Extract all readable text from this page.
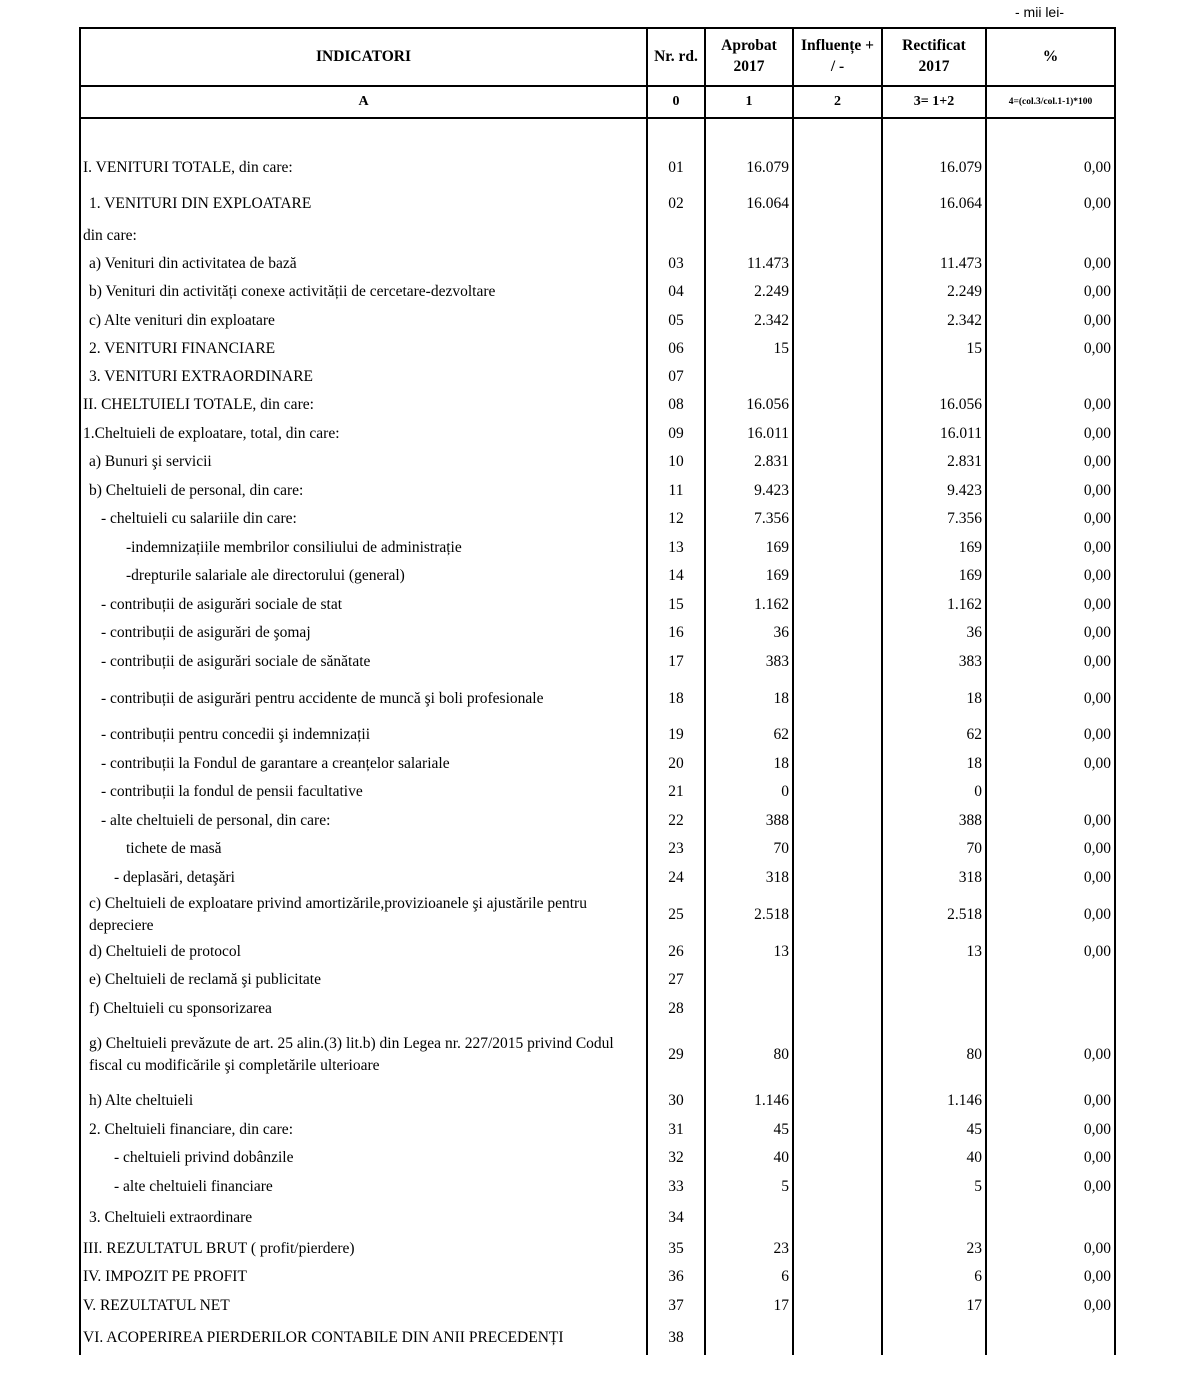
- mii lei-
INDICATORI	Nr. rd.	Aprobat 2017	Influențe + / -	Rectificat 2017	%
A	0	1	2	3= 1+2	4=(col.3/col.1-1)*100

I. VENITURI TOTALE, din care:	01	16.079		16.079	0,00
1. VENITURI DIN EXPLOATARE	02	16.064		16.064	0,00
din care:					
a) Venituri din activitatea de bază	03	11.473		11.473	0,00
b) Venituri din activități conexe activității de cercetare-dezvoltare	04	2.249		2.249	0,00
c) Alte venituri din exploatare	05	2.342		2.342	0,00
2. VENITURI FINANCIARE	06	15		15	0,00
3. VENITURI EXTRAORDINARE	07				
II. CHELTUIELI TOTALE, din care:	08	16.056		16.056	0,00
1.Cheltuieli de exploatare, total, din care:	09	16.011		16.011	0,00
a) Bunuri şi servicii	10	2.831		2.831	0,00
b) Cheltuieli de personal, din care:	11	9.423		9.423	0,00
- cheltuieli cu salariile din care:	12	7.356		7.356	0,00
-indemnizațiile membrilor consiliului de administrație	13	169		169	0,00
-drepturile salariale ale directorului (general)	14	169		169	0,00
- contribuții de asigurări sociale de stat	15	1.162		1.162	0,00
- contribuții de asigurări de şomaj	16	36		36	0,00
- contribuții de asigurări sociale de sănătate	17	383		383	0,00
- contribuții de asigurări pentru accidente de muncă şi boli profesionale	18	18		18	0,00
- contribuții pentru concedii şi indemnizații	19	62		62	0,00
- contribuții la Fondul de garantare a creanțelor salariale	20	18		18	0,00
- contribuții la fondul de pensii facultative	21	0		0	
- alte cheltuieli de personal, din care:	22	388		388	0,00
tichete de masă	23	70		70	0,00
- deplasări, detaşări	24	318		318	0,00
c) Cheltuieli de exploatare privind amortizările,provizioanele şi ajustările pentru depreciere	25	2.518		2.518	0,00
d) Cheltuieli de protocol	26	13		13	0,00
e) Cheltuieli de reclamă şi publicitate	27				
f) Cheltuieli cu sponsorizarea	28				
g) Cheltuieli prevăzute de art. 25 alin.(3) lit.b) din Legea nr. 227/2015 privind Codul fiscal cu modificările şi completările ulterioare	29	80		80	0,00
h) Alte cheltuieli	30	1.146		1.146	0,00
2. Cheltuieli financiare, din care:	31	45		45	0,00
- cheltuieli privind dobânzile	32	40		40	0,00
- alte cheltuieli financiare	33	5		5	0,00
3. Cheltuieli extraordinare	34				
III. REZULTATUL BRUT ( profit/pierdere)	35	23		23	0,00
IV. IMPOZIT PE PROFIT	36	6		6	0,00
V. REZULTATUL NET	37	17		17	0,00
VI. ACOPERIREA PIERDERILOR CONTABILE DIN ANII PRECEDENȚI	38				
